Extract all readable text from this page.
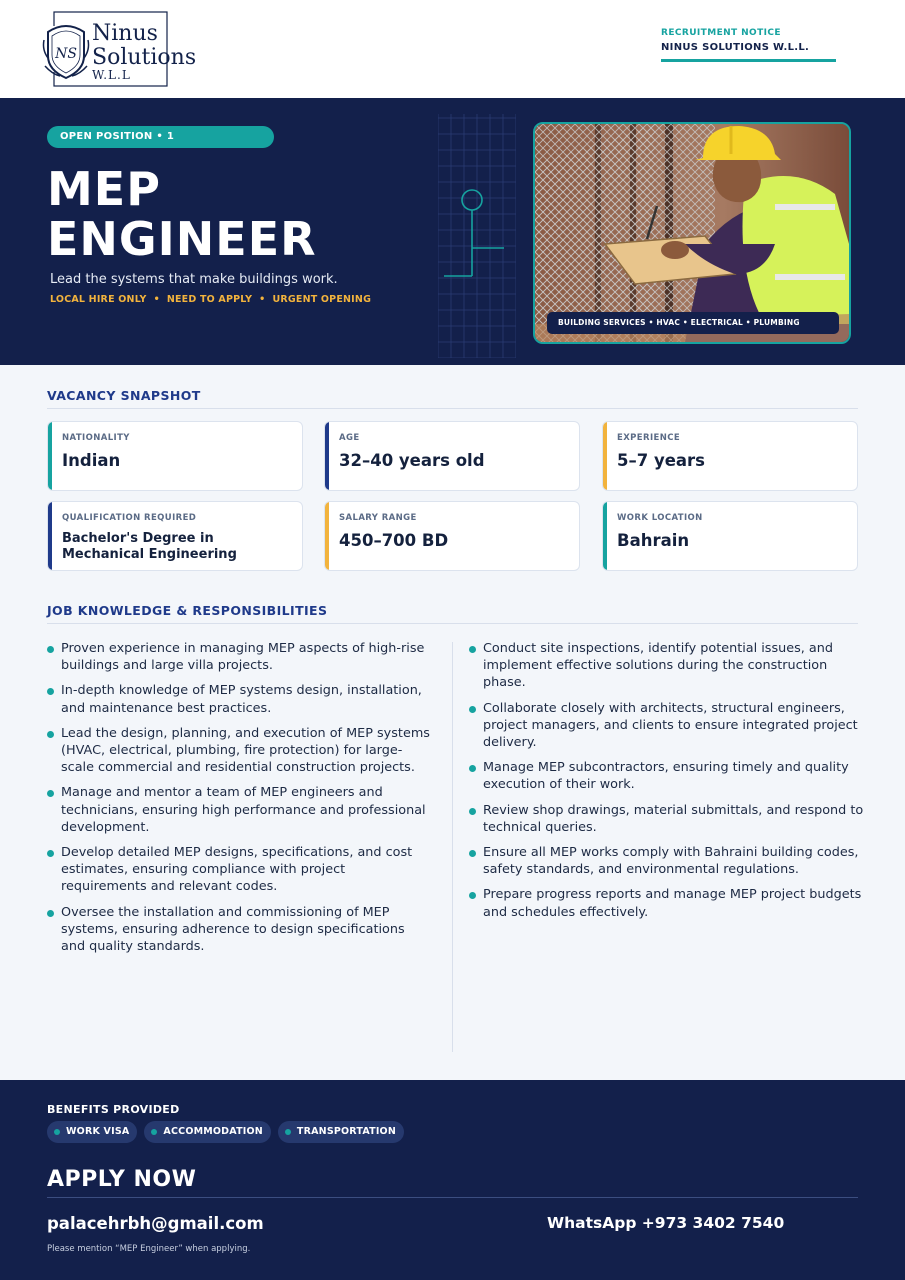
NS
Ninus
Solutions
W.L.L
RECRUITMENT NOTICE
NINUS SOLUTIONS W.L.L.
OPEN POSITION • 1
MEP
ENGINEER
Lead the systems that make buildings work.
LOCAL HIRE ONLY • NEED TO APPLY • URGENT OPENING
BUILDING SERVICES • HVAC • ELECTRICAL • PLUMBING
VACANCY SNAPSHOT
NATIONALITY
Indian
AGE
32–40 years old
EXPERIENCE
5–7 years
QUALIFICATION REQUIRED
Bachelor's Degree in Mechanical Engineering
SALARY RANGE
450–700 BD
WORK LOCATION
Bahrain
JOB KNOWLEDGE & RESPONSIBILITIES
Proven experience in managing MEP aspects of high-rise buildings and large villa projects.
In-depth knowledge of MEP systems design, installation, and maintenance best practices.
Lead the design, planning, and execution of MEP systems (HVAC, electrical, plumbing, fire protection) for large-scale commercial and residential construction projects.
Manage and mentor a team of MEP engineers and technicians, ensuring high performance and professional development.
Develop detailed MEP designs, specifications, and cost estimates, ensuring compliance with project requirements and relevant codes.
Oversee the installation and commissioning of MEP systems, ensuring adherence to design specifications and quality standards.
Conduct site inspections, identify potential issues, and implement effective solutions during the construction phase.
Collaborate closely with architects, structural engineers, project managers, and clients to ensure integrated project delivery.
Manage MEP subcontractors, ensuring timely and quality execution of their work.
Review shop drawings, material submittals, and respond to technical queries.
Ensure all MEP works comply with Bahraini building codes, safety standards, and environmental regulations.
Prepare progress reports and manage MEP project budgets and schedules effectively.
BENEFITS PROVIDED
WORK VISA	ACCOMMODATION	TRANSPORTATION
APPLY NOW
palacehrbh@gmail.com	WhatsApp +973 3402 7540
Please mention “MEP Engineer” when applying.
